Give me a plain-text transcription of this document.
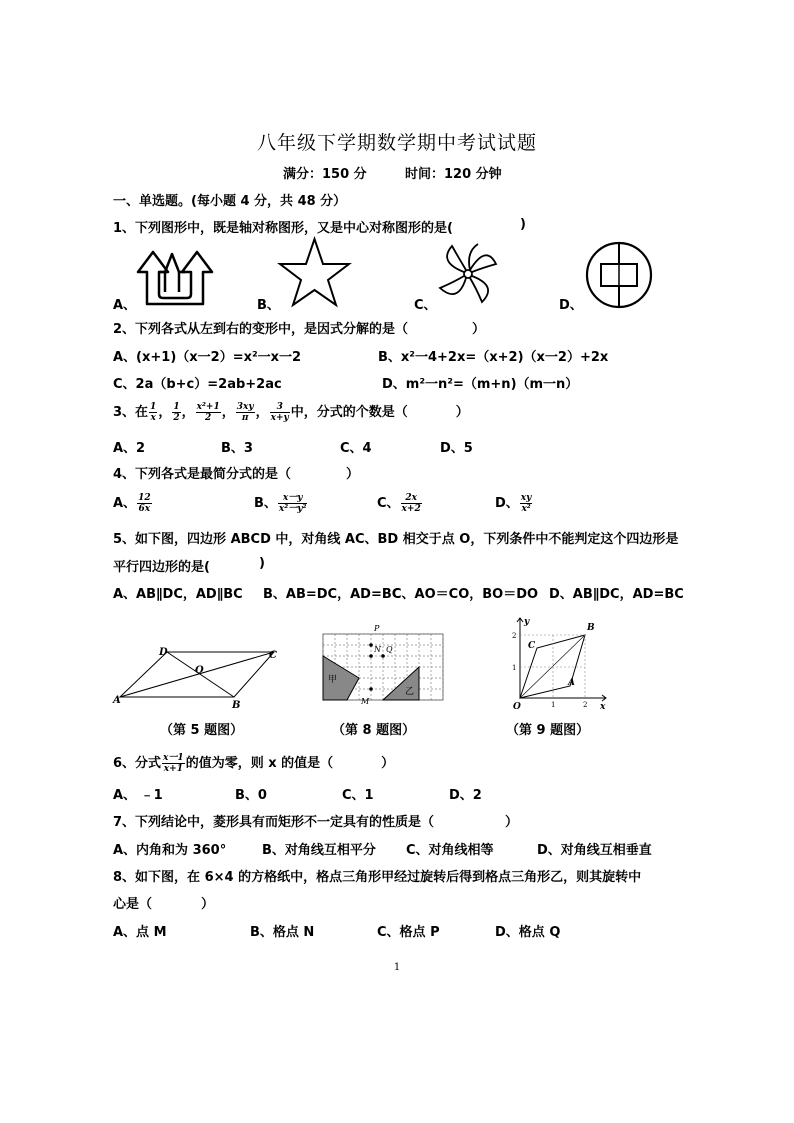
八年级下学期数学期中考试试题
满分：150 分	时间：120 分钟
一、单选题。(每小题 4 分，共 48 分）
1、下列图形中，既是轴对称图形，又是中心对称图形的是(	)
A、	B、	C、	D、
2、下列各式从左到右的变形中，是因式分解的是（	）
A、(x+1)（x一2）=x²一x一2	B、x²一4+2x=（x+2)（x一2）+2x
C、2a（b+c）=2ab+2ac	D、m²一n²=（m+n)（m一n）
3、在 $\frac{1}{x}$ ， $\frac{1}{2}$ ， $\frac{\text{x²+1}}{2}$ ， $\frac{3xy}{\pi}$ ， $\frac{3}{x+y}$ 中，分式的个数是（	）
A、2	B、3	C、4	D、5
4、下列各式是最简分式的是（	）
A、 $\frac{12}{6x}$	B、 $\frac{\text{x一y}}{\text{x²一y²}}$	C、 $\frac{2x}{x+2}$	D、 $\frac{xy}{\text{x²}}$
5、如下图，四边形 ABCD 中，对角线 AC、BD 相交于点 O，下列条件中不能判定这个四边形是
平行四边形的是(	)
A、AB∥DC，AD∥BC B、AB=DC，AD=BC
C、AO＝CO，BO＝DO D、AB∥DC，AD=BC
A	B
C
D
O
P
N Q
M
甲
乙
y
x
O
A
B
C
1	2
1
2
（第 5 题图）	（第 8 题图）	（第 9 题图）
6、分式 $\frac{\text{x一1}}{x+1}$ 的值为零，则 x 的值是（	）
A、 ﹣1	B、0	C、1	D、2
7、下列结论中，菱形具有而矩形不一定具有的性质是（	）
A、内角和为 360°	B、对角线互相平分 C、对角线相等	D、对角线互相垂直
8、如下图，在 6×4 的方格纸中，格点三角形甲经过旋转后得到格点三角形乙，则其旋转中
心是（	）
A、点 M	B、格点 N	C、格点 P	D、格点 Q
1
